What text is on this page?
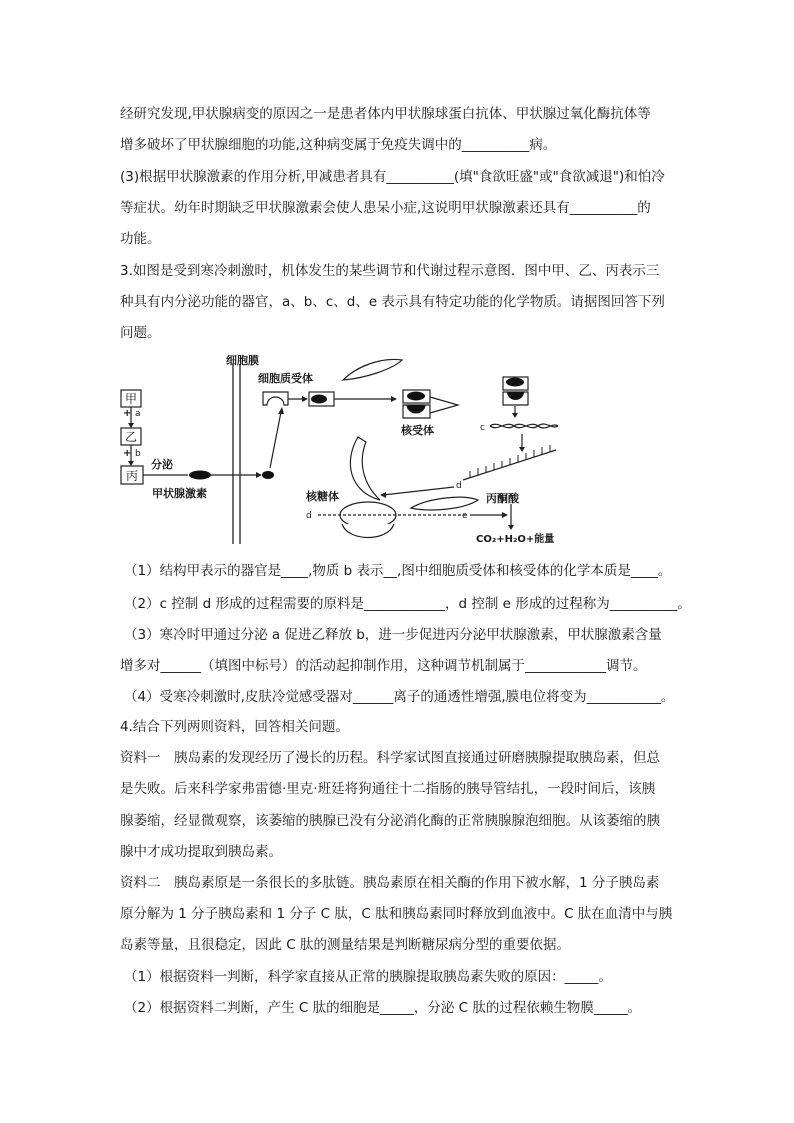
经研究发现,甲状腺病变的原因之一是患者体内甲状腺球蛋白抗体、甲状腺过氧化酶抗体等
增多破坏了甲状腺细胞的功能,这种病变属于免疫失调中的__________病。
(3)根据甲状腺激素的作用分析,甲减患者具有__________(填"食欲旺盛"或"食欲减退")和怕冷
等症状。幼年时期缺乏甲状腺激素会使人患呆小症,这说明甲状腺激素还具有__________的
功能。
3.如图是受到寒冷刺激时，机体发生的某些调节和代谢过程示意图．图中甲、乙、丙表示三
种具有内分泌功能的器官，a、b、c、d、e 表示具有特定功能的化学物质。请据图回答下列
问题。
甲
+ a
乙
+ b
丙
分泌
甲状腺激素
细胞膜
细胞质受体
核受体	c
d
核糖体
d	e
丙酮酸
CO₂+H₂O+能量
（1）结构甲表示的器官是____,物质 b 表示__,图中细胞质受体和核受体的化学本质是____。
（2）c 控制 d 形成的过程需要的原料是____________，d 控制 e 形成的过程称为__________。
（3）寒冷时甲通过分泌 a 促进乙释放 b，进一步促进丙分泌甲状腺激素，甲状腺激素含量
增多对______（填图中标号）的活动起抑制作用，这种调节机制属于____________调节。
（4）受寒冷刺激时,皮肤冷觉感受器对______离子的通透性增强,膜电位将变为___________。
4.结合下列两则资料，回答相关问题。
资料一　胰岛素的发现经历了漫长的历程。科学家试图直接通过研磨胰腺提取胰岛素，但总
是失败。后来科学家弗雷德·里克·班廷将狗通往十二指肠的胰导管结扎，一段时间后，该胰
腺萎缩，经显微观察，该萎缩的胰腺已没有分泌消化酶的正常胰腺腺泡细胞。从该萎缩的胰
腺中才成功提取到胰岛素。
资料二　胰岛素原是一条很长的多肽链。胰岛素原在相关酶的作用下被水解，1 分子胰岛素
原分解为 1 分子胰岛素和 1 分子 C 肽，C 肽和胰岛素同时释放到血液中。C 肽在血清中与胰
岛素等量，且很稳定，因此 C 肽的测量结果是判断糖尿病分型的重要依据。
（1）根据资料一判断，科学家直接从正常的胰腺提取胰岛素失败的原因：_____。
（2）根据资料二判断，产生 C 肽的细胞是_____，分泌 C 肽的过程依赖生物膜_____。
